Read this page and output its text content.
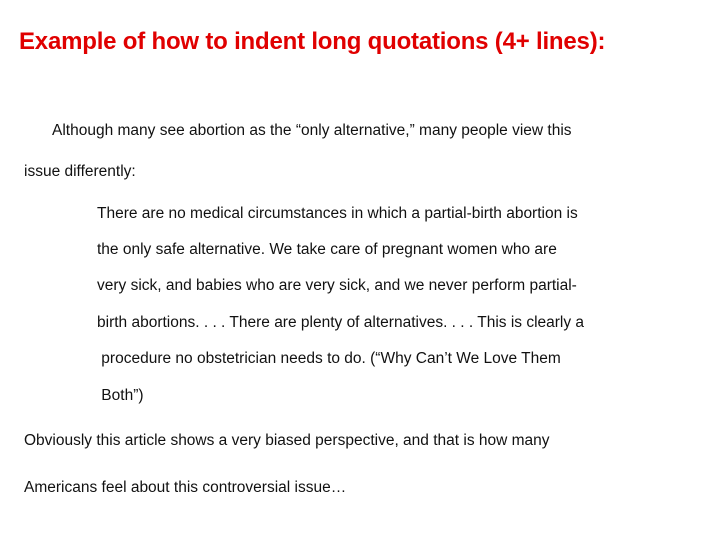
Example of how to indent long quotations (4+ lines):
Although many see abortion as the “only alternative,” many people view this
issue differently:
There are no medical circumstances in which a partial-birth abortion is
the only safe alternative. We take care of pregnant women who are
very sick, and babies who are very sick, and we never perform partial-
birth abortions. . . . There are plenty of alternatives. . . . This is clearly a
procedure no obstetrician needs to do. (“Why Can’t We Love Them
Both”)
Obviously this article shows a very biased perspective, and that is how many
Americans feel about this controversial issue…
